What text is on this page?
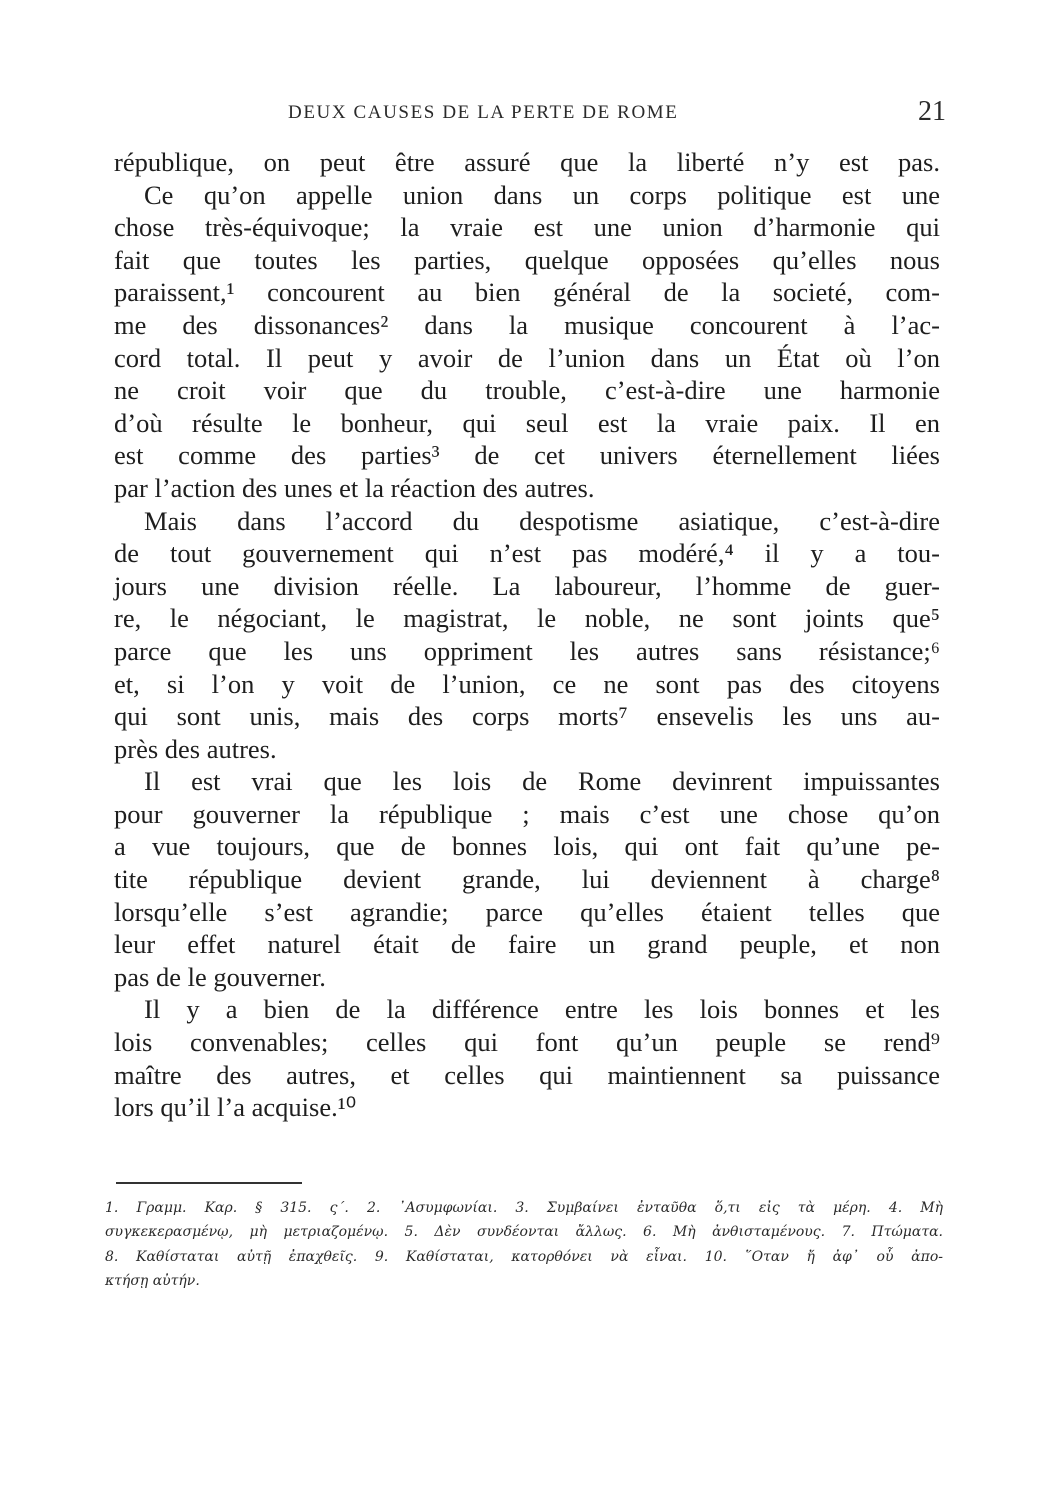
DEUX CAUSES DE LA PERTE DE ROME	21
république, on peut être assuré que la liberté n’y est pas.
Ce qu’on appelle union dans un corps politique est une
chose très-équivoque; la vraie est une union d’harmonie qui
fait que toutes les parties, quelque opposées qu’elles nous
paraissent,¹ concourent au bien général de la societé, com-
me des dissonances² dans la musique concourent à l’ac-
cord total. Il peut y avoir de l’union dans un État où l’on
ne croit voir que du trouble, c’est-à-dire une harmonie
d’où résulte le bonheur, qui seul est la vraie paix. Il en
est comme des parties³ de cet univers éternellement liées
par l’action des unes et la réaction des autres.
Mais dans l’accord du despotisme asiatique, c’est-à-dire
de tout gouvernement qui n’est pas modéré,⁴ il y a tou-
jours une division réelle. La laboureur, l’homme de guer-
re, le négociant, le magistrat, le noble, ne sont joints que⁵
parce que les uns oppriment les autres sans résistance;⁶
et, si l’on y voit de l’union, ce ne sont pas des citoyens
qui sont unis, mais des corps morts⁷ ensevelis les uns au-
près des autres.
Il est vrai que les lois de Rome devinrent impuissantes
pour gouverner la république ; mais c’est une chose qu’on
a vue toujours, que de bonnes lois, qui ont fait qu’une pe-
tite république devient grande, lui deviennent à charge⁸
lorsqu’elle s’est agrandie; parce qu’elles étaient telles que
leur effet naturel était de faire un grand peuple, et non
pas de le gouverner.
Il y a bien de la différence entre les lois bonnes et les
lois convenables; celles qui font qu’un peuple se rend⁹
maître des autres, et celles qui maintiennent sa puissance
lors qu’il l’a acquise.¹⁰
1. Γραμμ. Καρ. § 315. ς΄. 2. ᾿Ασυμφωνίαι. 3. Συμβαίνει ἐνταῦθα ὅ,τι εἰς τὰ μέρη. 4. Μὴ
συγκεκερασμένῳ, μὴ μετριαζομένῳ. 5. Δὲν συνδέονται ἄλλως. 6. Μὴ ἀνθισταμένους. 7. Πτώματα.
8. Καθίσταται αὐτῇ ἐπαχθεῖς. 9. Καθίσταται, κατορθόνει νὰ εἶναι. 10. ῞Οταν ἤ ἀφ᾿ οὗ ἀπο-
κτήσῃ αὐτήν.
